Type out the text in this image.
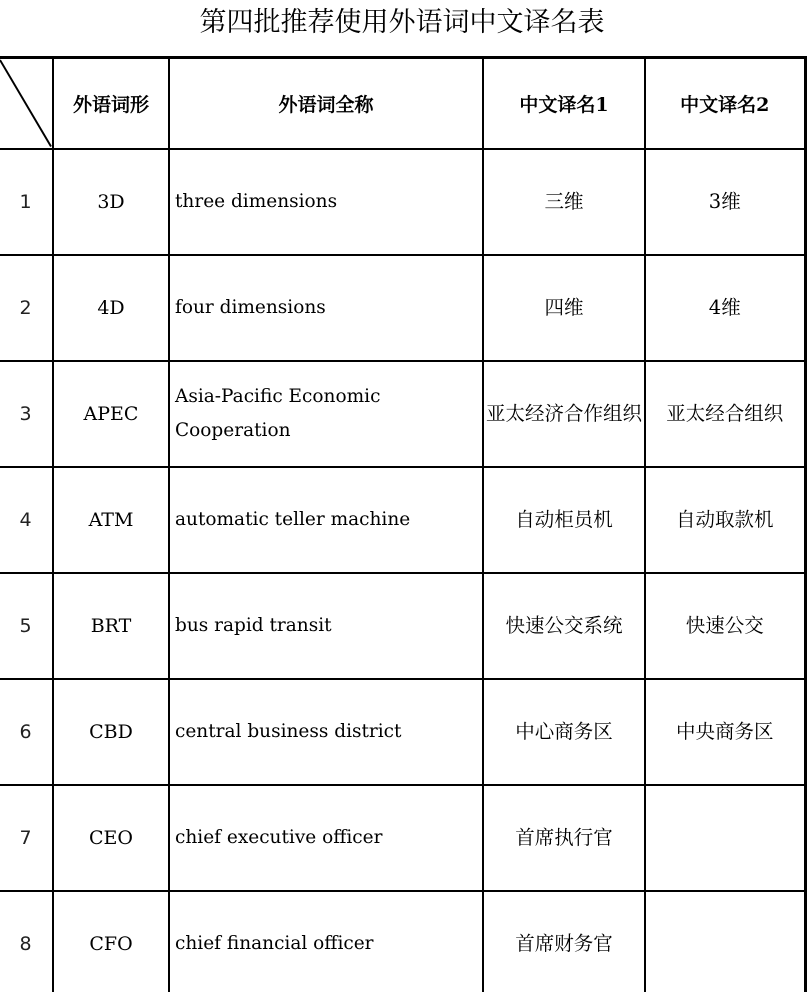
第四批推荐使用外语词中文译名表
	外语词形	外语词全称	中文译名1	中文译名2
1	3D	three dimensions	三维	3维
2	4D	four dimensions	四维	4维
3	APEC	Asia-Pacific Economic Cooperation	亚太经济合作组织	亚太经合组织
4	ATM	automatic teller machine	自动柜员机	自动取款机
5	BRT	bus rapid transit	快速公交系统	快速公交
6	CBD	central business district	中心商务区	中央商务区
7	CEO	chief executive officer	首席执行官	
8	CFO	chief financial officer	首席财务官	
